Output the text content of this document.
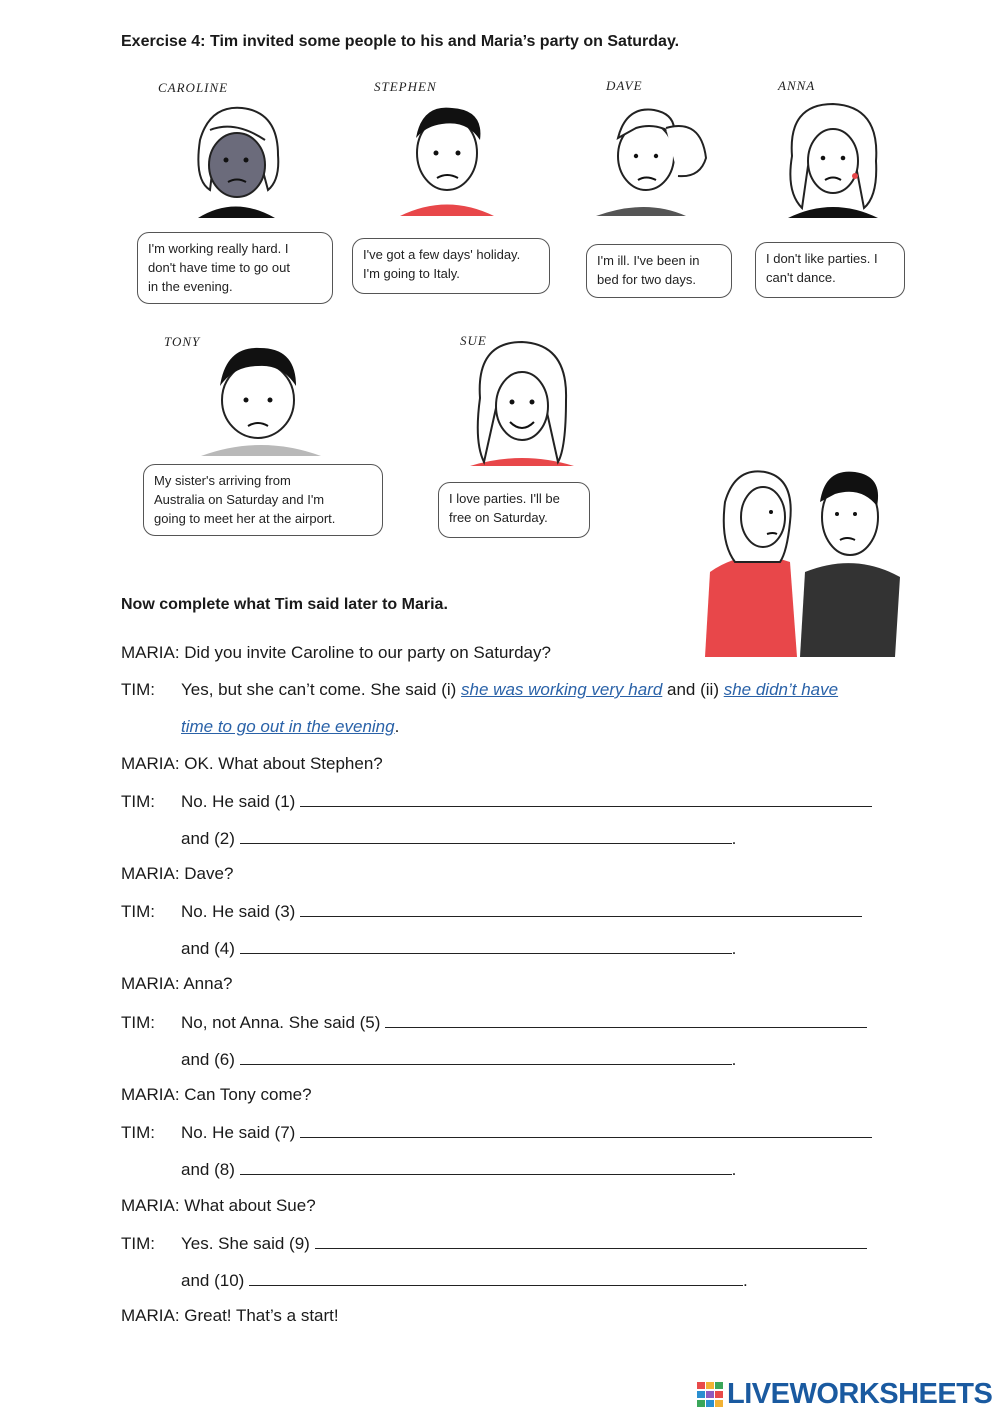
Exercise 4: Tim invited some people to his and Maria’s party on Saturday.
CAROLINE	STEPHEN	DAVE	ANNA
I'm working really hard. I
don't have time to go out
in the evening.
I've got a few days' holiday.
I'm going to Italy.
I'm ill. I've been in
bed for two days.
I don't like parties. I
can't dance.
TONY	SUE
My sister's arriving from
Australia on Saturday and I'm
going to meet her at the airport.
I love parties. I'll be
free on Saturday.
Now complete what Tim said later to Maria.
MARIA: Did you invite Caroline to our party on Saturday?
TIM: Yes, but she can’t come. She said (i) she was working very hard and (ii) she didn’t have
time to go out in the evening.
MARIA: OK. What about Stephen?
TIM: No. He said (1)
and (2)	.
MARIA: Dave?
TIM: No. He said (3)
and (4)	.
MARIA: Anna?
TIM: No, not Anna. She said (5)
and (6)	.
MARIA: Can Tony come?
TIM: No. He said (7)
and (8)	.
MARIA: What about Sue?
TIM: Yes. She said (9)
and (10)	.
MARIA: Great! That’s a start!
LIVEWORKSHEETS
